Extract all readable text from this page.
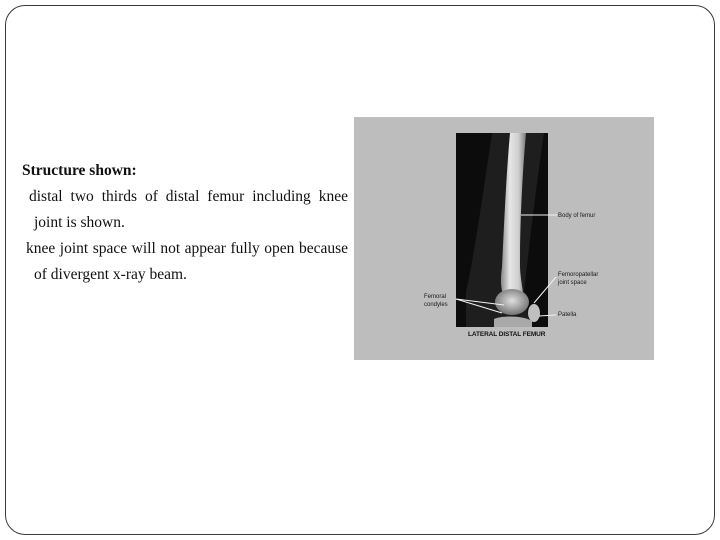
Structure shown:
distal two thirds of distal femur including knee joint is shown.
knee joint space will not appear fully open because of divergent x-ray beam.
Body of femur
Femoropatellar
joint space
Femoral
condyles
Patella
LATERAL DISTAL FEMUR
